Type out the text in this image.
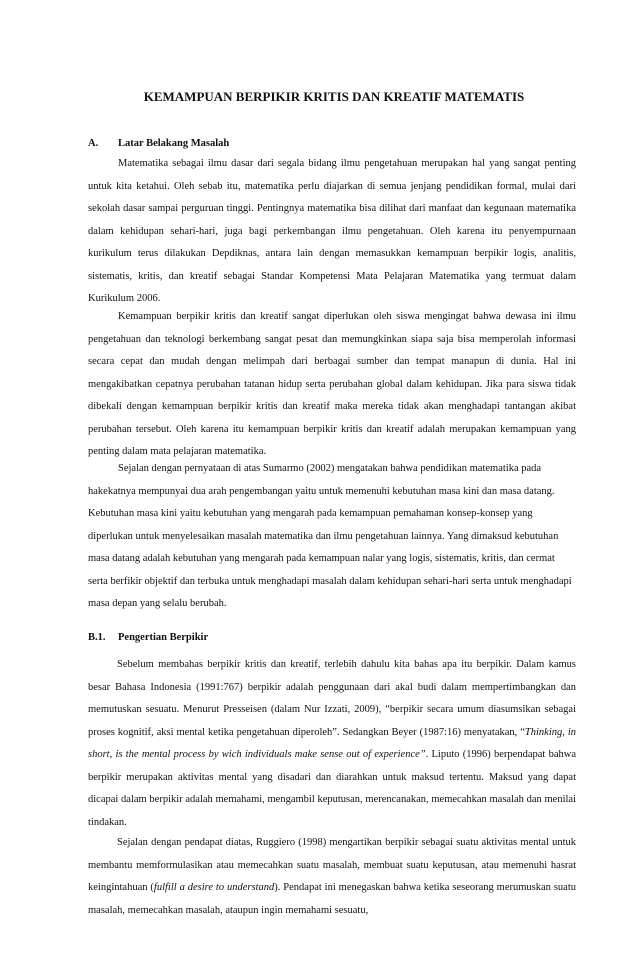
KEMAMPUAN BERPIKIR KRITIS DAN KREATIF MATEMATIS
A. Latar Belakang Masalah

Matematika sebagai ilmu dasar dari segala bidang ilmu pengetahuan merupakan hal yang sangat penting untuk kita ketahui. Oleh sebab itu, matematika perlu diajarkan di semua jenjang pendidikan formal, mulai dari sekolah dasar sampai perguruan tinggi. Pentingnya matematika bisa dilihat dari manfaat dan kegunaan matematika dalam kehidupan sehari-hari, juga bagi perkembangan ilmu pengetahuan. Oleh karena itu penyempurnaan kurikulum terus dilakukan Depdiknas, antara lain dengan memasukkan kemampuan berpikir logis, analitis, sistematis, kritis, dan kreatif sebagai Standar Kompetensi Mata Pelajaran Matematika yang termuat dalam Kurikulum 2006.

Kemampuan berpikir kritis dan kreatif sangat diperlukan oleh siswa mengingat bahwa dewasa ini ilmu pengetahuan dan teknologi berkembang sangat pesat dan memungkinkan siapa saja bisa memperolah informasi secara cepat dan mudah dengan melimpah dari berbagai sumber dan tempat manapun di dunia. Hal ini mengakibatkan cepatnya perubahan tatanan hidup serta perubahan global dalam kehidupan. Jika para siswa tidak dibekali dengan kemampuan berpikir kritis dan kreatif maka mereka tidak akan menghadapi tantangan akibat perubahan tersebut. Oleh karena itu kemampuan berpikir kritis dan kreatif adalah merupakan kemampuan yang penting dalam mata pelajaran matematika.

Sejalan dengan pernyataan di atas Sumarmo (2002) mengatakan bahwa pendidikan matematika pada hakekatnya mempunyai dua arah pengembangan yaitu untuk memenuhi kebutuhan masa kini dan masa datang. Kebutuhan masa kini yaitu kebutuhan yang mengarah pada kemampuan pemahaman konsep-konsep yang diperlukan untuk menyelesaikan masalah matematika dan ilmu pengetahuan lainnya. Yang dimaksud kebutuhan masa datang adalah kebutuhan yang mengarah pada kemampuan nalar yang logis, sistematis, kritis, dan cermat serta berfikir objektif dan terbuka untuk menghadapi masalah dalam kehidupan sehari-hari serta untuk menghadapi masa depan yang selalu berubah.

B.1. Pengertian Berpikir

Sebelum membahas berpikir kritis dan kreatif, terlebih dahulu kita bahas apa itu berpikir. Dalam kamus besar Bahasa Indonesia (1991:767) berpikir adalah penggunaan dari akal budi dalam mempertimbangkan dan memutuskan sesuatu. Menurut Presseisen (dalam Nur Izzati, 2009), “berpikir secara umum diasumsikan sebagai proses kognitif, aksi mental ketika pengetahuan diperoleh”. Sedangkan Beyer (1987:16) menyatakan, “Thinking, in short, is the mental process by wich individuals make sense out of experience”. Liputo (1996) berpendapat bahwa berpikir merupakan aktivitas mental yang disadari dan diarahkan untuk maksud tertentu. Maksud yang dapat dicapai dalam berpikir adalah memahami, mengambil keputusan, merencanakan, memecahkan masalah dan menilai tindakan.

Sejalan dengan pendapat diatas, Ruggiero (1998) mengartikan berpikir sebagai suatu aktivitas mental untuk membantu memformulasikan atau memecahkan suatu masalah, membuat suatu keputusan, atau memenuhi hasrat keingintahuan (fulfill a desire to understand). Pendapat ini menegaskan bahwa ketika seseorang merumuskan suatu masalah, memecahkan masalah, ataupun ingin memahami sesuatu,
